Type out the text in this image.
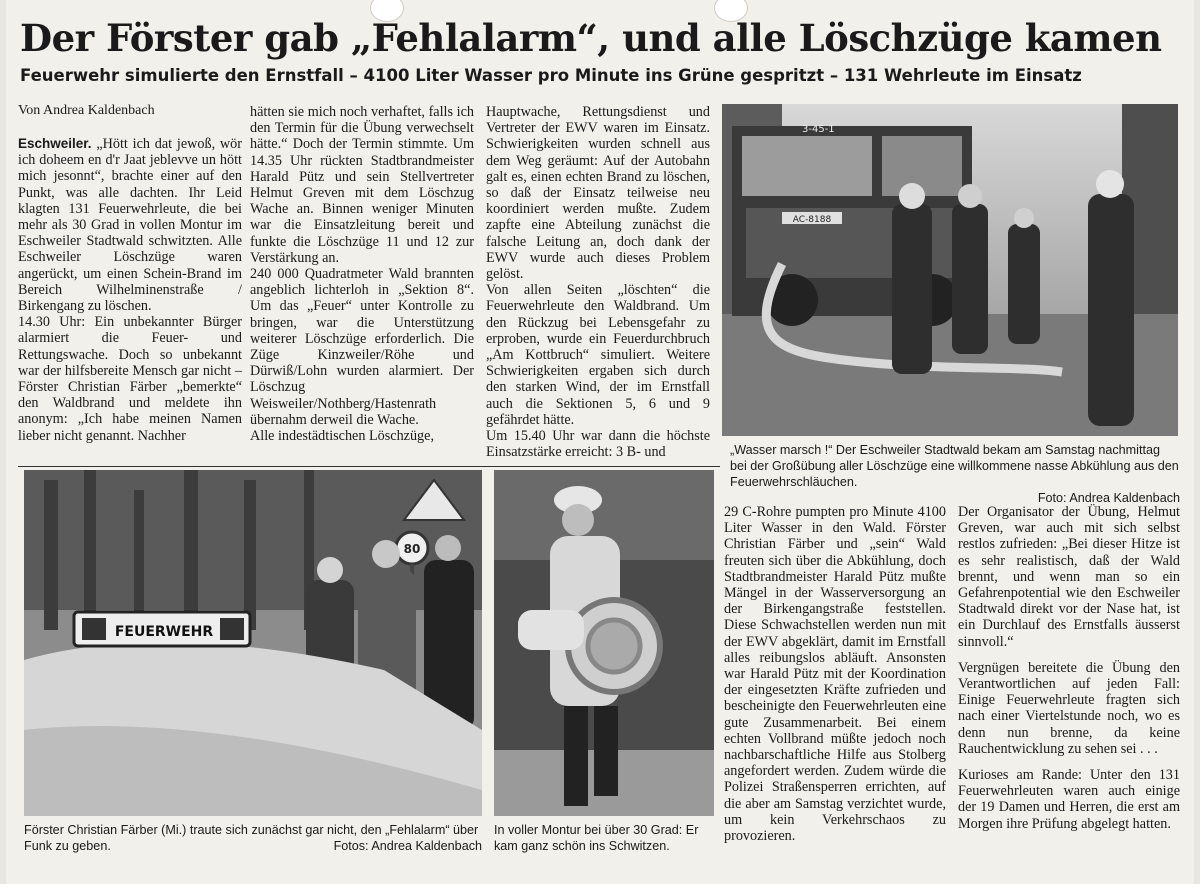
Der Förster gab „Fehlalarm“, und alle Löschzüge kamen
Feuerwehr simulierte den Ernstfall – 4100 Liter Wasser pro Minute ins Grüne gespritzt – 131 Wehrleute im Einsatz
Von Andrea Kaldenbach

Eschweiler. „Hött ich dat jewoß, wör ich doheem en d'r Jaat jeblevve un hött mich jesonnt“, brachte einer auf den Punkt, was alle dachten. Ihr Leid klagten 131 Feuerwehrleute, die bei mehr als 30 Grad in vollen Montur im Eschweiler Stadtwald schwitzten. Alle Eschweiler Löschzüge waren angerückt, um einen Schein-Brand im Bereich Wilhelminenstraße / Birkengang zu löschen.

14.30 Uhr: Ein unbekannter Bürger alarmiert die Feuer- und Rettungswache. Doch so unbekannt war der hilfsbereite Mensch gar nicht – Förster Christian Färber „bemerkte“ den Waldbrand und meldete ihn anonym: „Ich habe meinen Namen lieber nicht genannt. Nachher

hätten sie mich noch verhaftet, falls ich den Termin für die Übung verwechselt hätte.“ Doch der Termin stimmte. Um 14.35 Uhr rückten Stadtbrandmeister Harald Pütz und sein Stellvertreter Helmut Greven mit dem Löschzug Wache an. Binnen weniger Minuten war die Einsatzleitung bereit und funkte die Löschzüge 11 und 12 zur Verstärkung an.

240 000 Quadratmeter Wald brannten angeblich lichterloh in „Sektion 8“. Um das „Feuer“ unter Kontrolle zu bringen, war die Unterstützung weiterer Löschzüge erforderlich. Die Züge Kinzweiler/Röhe und Dürwiß/Lohn wurden alarmiert. Der Löschzug Weisweiler/Nothberg/Hastenrath übernahm derweil die Wache.

Alle indestädtischen Löschzüge,

Hauptwache, Rettungsdienst und Vertreter der EWV waren im Einsatz. Schwierigkeiten wurden schnell aus dem Weg geräumt: Auf der Autobahn galt es, einen echten Brand zu löschen, so daß der Einsatz teilweise neu koordiniert werden mußte. Zudem zapfte eine Abteilung zunächst die falsche Leitung an, doch dank der EWV wurde auch dieses Problem gelöst.

Von allen Seiten „löschten“ die Feuerwehrleute den Waldbrand. Um den Rückzug bei Lebensgefahr zu erproben, wurde ein Feuerdurchbruch „Am Kottbruch“ simuliert. Weitere Schwierigkeiten ergaben sich durch den starken Wind, der im Ernstfall auch die Sektionen 5, 6 und 9 gefährdet hätte.

Um 15.40 Uhr war dann die höchste Einsatzstärke erreicht: 3 B- und

AC-8188
3-45-1
„Wasser marsch !“ Der Eschweiler Stadtwald bekam am Samstag nachmittag bei der Großübung aller Löschzüge eine willkommene nasse Abkühlung aus den Feuerwehrschläuchen.
Foto: Andrea Kaldenbach
80
FEUERWEHR
Förster Christian Färber (Mi.) traute sich zunächst gar nicht, den „Fehlalarm“ über Funk zu geben.	Fotos: Andrea Kaldenbach
In voller Montur bei über 30 Grad: Er kam ganz schön ins Schwitzen.

29 C-Rohre pumpten pro Minute 4100 Liter Wasser in den Wald. Förster Christian Färber und „sein“ Wald freuten sich über die Abkühlung, doch Stadtbrandmeister Harald Pütz mußte Mängel in der Wasserversorgung an der Birkengangstraße feststellen. Diese Schwachstellen werden nun mit der EWV abgeklärt, damit im Ernstfall alles reibungslos abläuft. Ansonsten war Harald Pütz mit der Koordination der eingesetzten Kräfte zufrieden und bescheinigte den Feuerwehrleuten eine gute Zusammenarbeit. Bei einem echten Vollbrand müßte jedoch noch nachbarschaftliche Hilfe aus Stolberg angefordert werden. Zudem würde die Polizei Straßensperren errichten, auf die aber am Samstag verzichtet wurde, um kein Verkehrschaos zu provozieren.

Der Organisator der Übung, Helmut Greven, war auch mit sich selbst restlos zufrieden: „Bei dieser Hitze ist es sehr realistisch, daß der Wald brennt, und wenn man so ein Gefahrenpotential wie den Eschweiler Stadtwald direkt vor der Nase hat, ist ein Durchlauf des Ernstfalls äusserst sinnvoll.“

Vergnügen bereitete die Übung den Verantwortlichen auf jeden Fall: Einige Feuerwehrleute fragten sich nach einer Viertelstunde noch, wo es denn nun brenne, da keine Rauchentwicklung zu sehen sei . . .

Kurioses am Rande: Unter den 131 Feuerwehrleuten waren auch einige der 19 Damen und Herren, die erst am Morgen ihre Prüfung abgelegt hatten.
